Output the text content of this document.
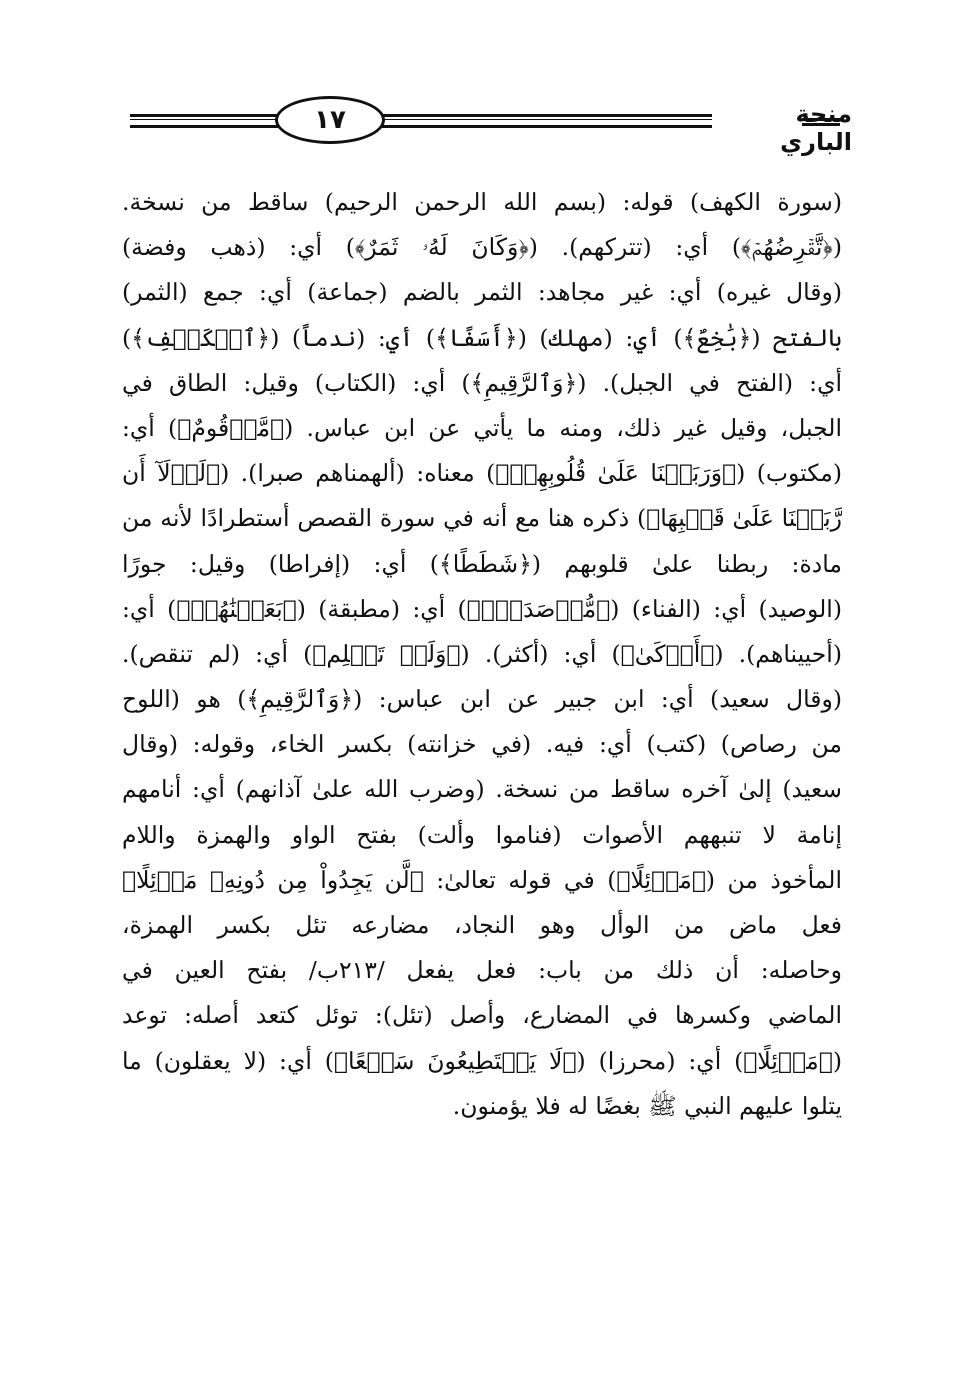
١٧	منحة الباري
(سورة الكهف) قوله: (بسم الله الرحمن الرحيم) ساقط من نسخة.
(﴿تَّقۡرِضُهُمۡ﴾) أي: (تتركهم). (﴿وَكَانَ لَهُۥ ثَمَرٌ﴾) أي: (ذهب وفضة)
(وقال غيره) أي: غير مجاهد: الثمر بالضم (جماعة) أي: جمع (الثمر)
بالفتح (﴿بَٰخِعٌ﴾) أي: (مهلك) (﴿أَسَفًا﴾) أي: (ندماً) (﴿ٱلۡكَهۡفِ﴾)
أي: (الفتح في الجبل). (﴿وَٱلرَّقِيمِ﴾) أي: (الكتاب) وقيل: الطاق في
الجبل، وقيل غير ذلك، ومنه ما يأتي عن ابن عباس. (﴿مَّرۡقُومٌ﴾) أي:
(مكتوب) (﴿وَرَبَطۡنَا عَلَىٰ قُلُوبِهِمۡ﴾) معناه: (ألهمناهم صبرا). (﴿لَوۡلَآ أَن
رَّبَطۡنَا عَلَىٰ قَلۡبِهَا﴾) ذكره هنا مع أنه في سورة القصص أستطرادًا لأنه من
مادة: ربطنا علىٰ قلوبهم (﴿شَطَطًا﴾) أي: (إفراطا) وقيل: جورًا
(الوصيد) أي: (الفناء) (﴿مُّؤۡصَدَةُۢ﴾) أي: (مطبقة) (﴿بَعَثۡنَٰهُمۡ﴾) أي:
(أحييناهم). (﴿أَزۡكَىٰ﴾) أي: (أكثر). (﴿وَلَمۡ تَظۡلِم﴾) أي: (لم تنقص).
(وقال سعيد) أي: ابن جبير عن ابن عباس: (﴿وَٱلرَّقِيمِ﴾) هو (اللوح
من رصاص) (كتب) أي: فيه. (في خزانته) بكسر الخاء، وقوله: (وقال
سعيد) إلىٰ آخره ساقط من نسخة. (وضرب الله علىٰ آذانهم) أي: أنامهم
إنامة لا تنبههم الأصوات (فناموا وألت) بفتح الواو والهمزة واللام
المأخوذ من (﴿مَوۡئِلًا﴾) في قوله تعالىٰ: ﴿لَّن يَجِدُواْ مِن دُونِهِۦ مَوۡئِلًا﴾
فعل ماض من الوأل وهو النجاد، مضارعه تئل بكسر الهمزة،
وحاصله: أن ذلك من باب: فعل يفعل /٢١٣ب/ بفتح العين في
الماضي وكسرها في المضارع، وأصل (تئل): توئل كتعد أصله: توعد
(﴿مَوۡئِلًا﴾) أي: (محرزا) (﴿لَا يَسۡتَطِيعُونَ سَمۡعًا﴾) أي: (لا يعقلون) ما
يتلوا عليهم النبي ﷺ بغضًا له فلا يؤمنون.
